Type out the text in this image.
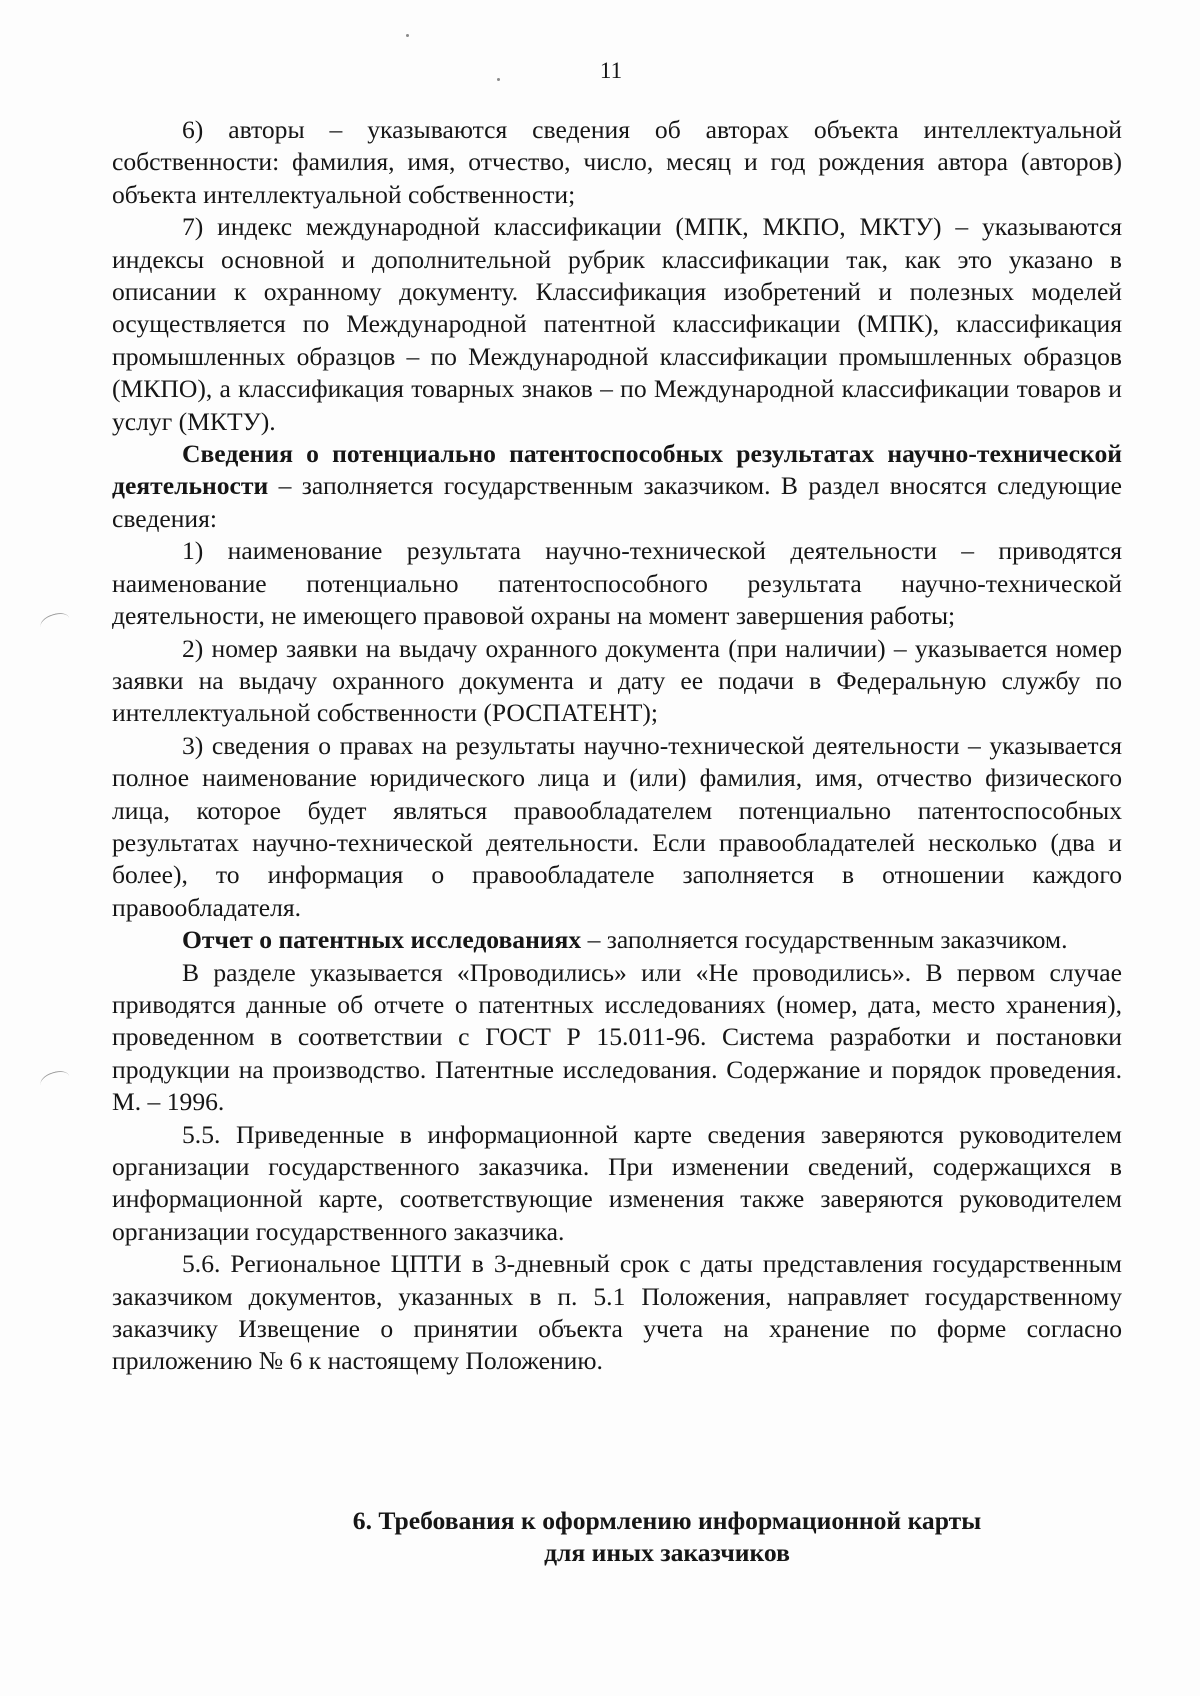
11

6) авторы – указываются сведения об авторах объекта интеллектуальной собственности: фамилия, имя, отчество, число, месяц и год рождения автора (авторов) объекта интеллектуальной собственности;

7) индекс международной классификации (МПК, МКПО, МКТУ) – указываются индексы основной и дополнительной рубрик классификации так, как это указано в описании к охранному документу. Классификация изобретений и полезных моделей осуществляется по Международной патентной классификации (МПК), классификация промышленных образцов – по Международной классификации промышленных образцов (МКПО), а классификация товарных знаков – по Международной классификации товаров и услуг (МКТУ).

Сведения о потенциально патентоспособных результатах научно-технической деятельности – заполняется государственным заказчиком. В раздел вносятся следующие сведения:

1) наименование результата научно-технической деятельности – приводятся наименование потенциально патентоспособного результата научно-технической деятельности, не имеющего правовой охраны на момент завершения работы;

2) номер заявки на выдачу охранного документа (при наличии) – указывается номер заявки на выдачу охранного документа и дату ее подачи в Федеральную службу по интеллектуальной собственности (РОСПАТЕНТ);

3) сведения о правах на результаты научно-технической деятельности – указывается полное наименование юридического лица и (или) фамилия, имя, отчество физического лица, которое будет являться правообладателем потенциально патентоспособных результатах научно-технической деятельности. Если правообладателей несколько (два и более), то информация о правообладателе заполняется в отношении каждого правообладателя.

Отчет о патентных исследованиях – заполняется государственным заказчиком.

В разделе указывается «Проводились» или «Не проводились». В первом случае приводятся данные об отчете о патентных исследованиях (номер, дата, место хранения), проведенном в соответствии с ГОСТ Р 15.011-96. Система разработки и постановки продукции на производство. Патентные исследования. Содержание и порядок проведения. М. – 1996.

5.5. Приведенные в информационной карте сведения заверяются руководителем организации государственного заказчика. При изменении сведений, содержащихся в информационной карте, соответствующие изменения также заверяются руководителем организации государственного заказчика.

5.6. Региональное ЦПТИ в 3-дневный срок с даты представления государственным заказчиком документов, указанных в п. 5.1 Положения, направляет государственному заказчику Извещение о принятии объекта учета на хранение по форме согласно приложению № 6 к настоящему Положению.

6. Требования к оформлению информационной карты
для иных заказчиков
